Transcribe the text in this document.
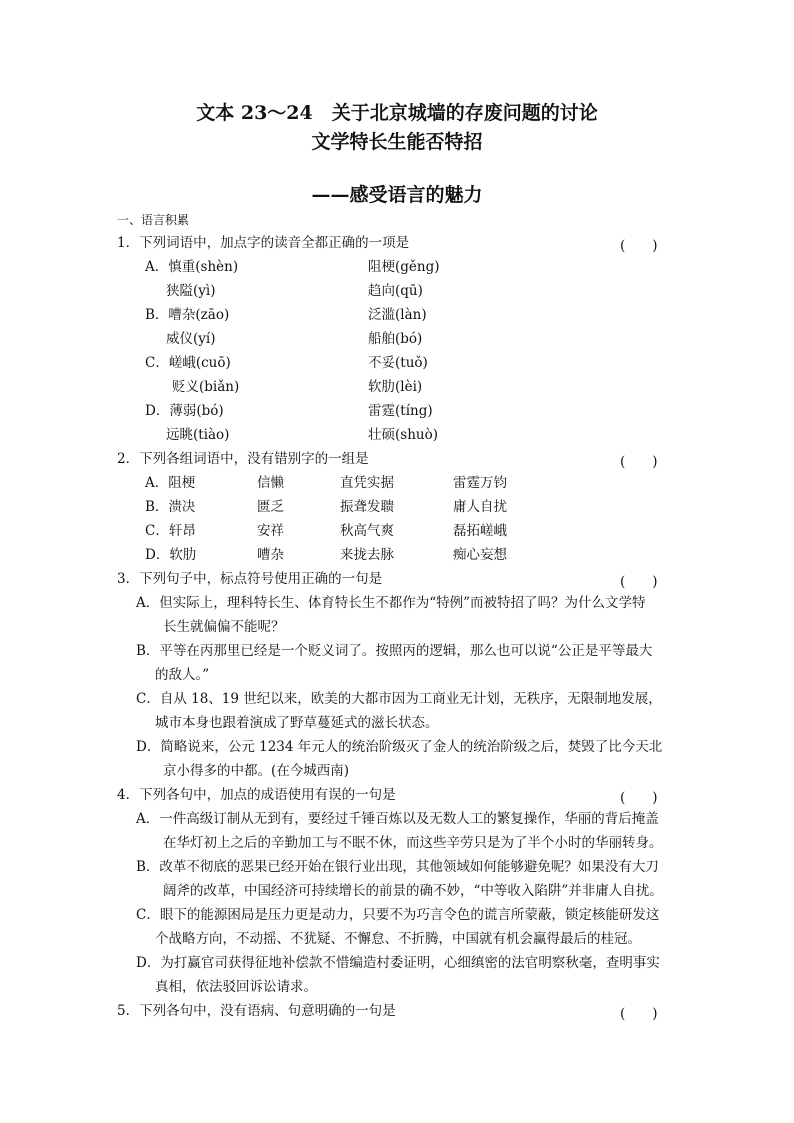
文本 23～24　关于北京城墙的存废问题的讨论
文学特长生能否特招
——感受语言的魅力
一、语言积累
1．下列词语中，加点字的读音全都正确的一项是	(　　)
A．慎重(shèn)	阻梗(gěng)
狭隘(yì)	趋向(qū)
B．嘈杂(zāo)	泛滥(làn)
威仪(yí)	船舶(bó)
C．嵯峨(cuō)	不妥(tuǒ)
贬义(biǎn)	软肋(lèi)
D．薄弱(bó)	雷霆(tíng)
远眺(tiào)	壮硕(shuò)
2．下列各组词语中，没有错别字的一组是	(　　)
A．阻梗	信懒	直凭实据	雷霆万钧
B．溃决	匮乏	振聋发聩	庸人自扰
C．轩昂	安祥	秋高气爽	磊拓嵯峨
D．软肋	嘈杂	来拢去脉	痴心妄想
3．下列句子中，标点符号使用正确的一句是	(　　)
A．但实际上，理科特长生、体育特长生不都作为“特例”而被特招了吗？为什么文学特
长生就偏偏不能呢？
B．平等在丙那里已经是一个贬义词了。按照丙的逻辑，那么也可以说“公正是平等最大
的敌人。”
C．自从 18、19 世纪以来，欧美的大都市因为工商业无计划，无秩序，无限制地发展，
城市本身也跟着演成了野草蔓延式的滋长状态。
D．简略说来，公元 1234 年元人的统治阶级灭了金人的统治阶级之后，焚毁了比今天北
京小得多的中都。(在今城西南)
4．下列各句中，加点的成语使用有误的一句是	(　　)
A．一件高级订制从无到有，要经过千锤百炼以及无数人工的繁复操作，华丽的背后掩盖
在华灯初上之后的辛勤加工与不眠不休，而这些辛劳只是为了半个小时的华丽转身。
B．改革不彻底的恶果已经开始在银行业出现，其他领域如何能够避免呢？如果没有大刀
阔斧的改革，中国经济可持续增长的前景的确不妙，“中等收入陷阱”并非庸人自扰。
C．眼下的能源困局是压力更是动力，只要不为巧言令色的谎言所蒙蔽，锁定核能研发这
个战略方向，不动摇、不犹疑、不懈怠、不折腾，中国就有机会赢得最后的桂冠。
D．为打赢官司获得征地补偿款不惜编造村委证明，心细缜密的法官明察秋毫，查明事实
真相，依法驳回诉讼请求。
5．下列各句中，没有语病、句意明确的一句是	(　　)
